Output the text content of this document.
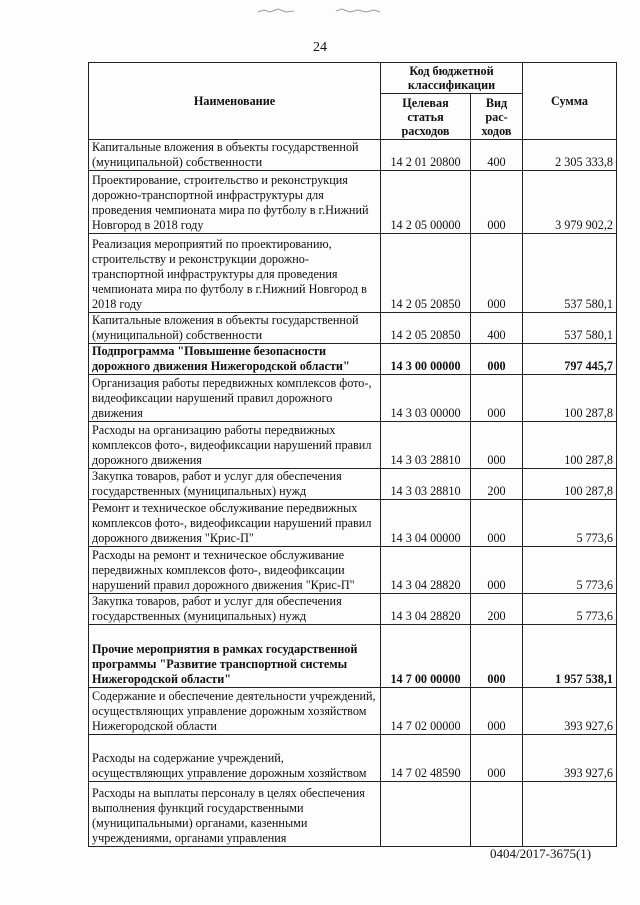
24
Наименование	Код бюджетной классификации		Сумма
	Целевая статья расходов	Вид рас-ходов	
Капитальные вложения в объекты государственной (муниципальной) собственности	14 2 01 20800	400	2 305 333,8
Проектирование, строительство и реконструкция дорожно-транспортной инфраструктуры для проведения чемпионата мира по футболу в г.Нижний Новгород в 2018 году	14 2 05 00000	000	3 979 902,2
Реализация мероприятий по проектированию, строительству и реконструкции дорожно-транспортной инфраструктуры для проведения чемпионата мира по футболу в г.Нижний Новгород в 2018 году	14 2 05 20850	000	537 580,1
Капитальные вложения в объекты государственной (муниципальной) собственности	14 2 05 20850	400	537 580,1
Подпрограмма "Повышение безопасности дорожного движения Нижегородской области"	14 3 00 00000	000	797 445,7
Организация работы передвижных комплексов фото-, видеофиксации нарушений правил дорожного движения	14 3 03 00000	000	100 287,8
Расходы на организацию работы передвижных комплексов фото-, видеофиксации нарушений правил дорожного движения	14 3 03 28810	000	100 287,8
Закупка товаров, работ и услуг для обеспечения государственных (муниципальных) нужд	14 3 03 28810	200	100 287,8
Ремонт и техническое обслуживание передвижных комплексов фото-, видеофиксации нарушений правил дорожного движения "Крис-П"	14 3 04 00000	000	5 773,6
Расходы на ремонт и техническое обслуживание передвижных комплексов фото-, видеофиксации нарушений правил дорожного движения "Крис-П"	14 3 04 28820	000	5 773,6
Закупка товаров, работ и услуг для обеспечения государственных (муниципальных) нужд	14 3 04 28820	200	5 773,6
Прочие мероприятия в рамках государственной программы "Развитие транспортной системы Нижегородской области"	14 7 00 00000	000	1 957 538,1
Содержание и обеспечение деятельности учреждений, осуществляющих управление дорожным хозяйством Нижегородской области	14 7 02 00000	000	393 927,6
Расходы на содержание учреждений, осуществляющих управление дорожным хозяйством	14 7 02 48590	000	393 927,6
Расходы на выплаты персоналу в целях обеспечения выполнения функций государственными (муниципальными) органами, казенными учреждениями, органами управления			
0404/2017-3675(1)
